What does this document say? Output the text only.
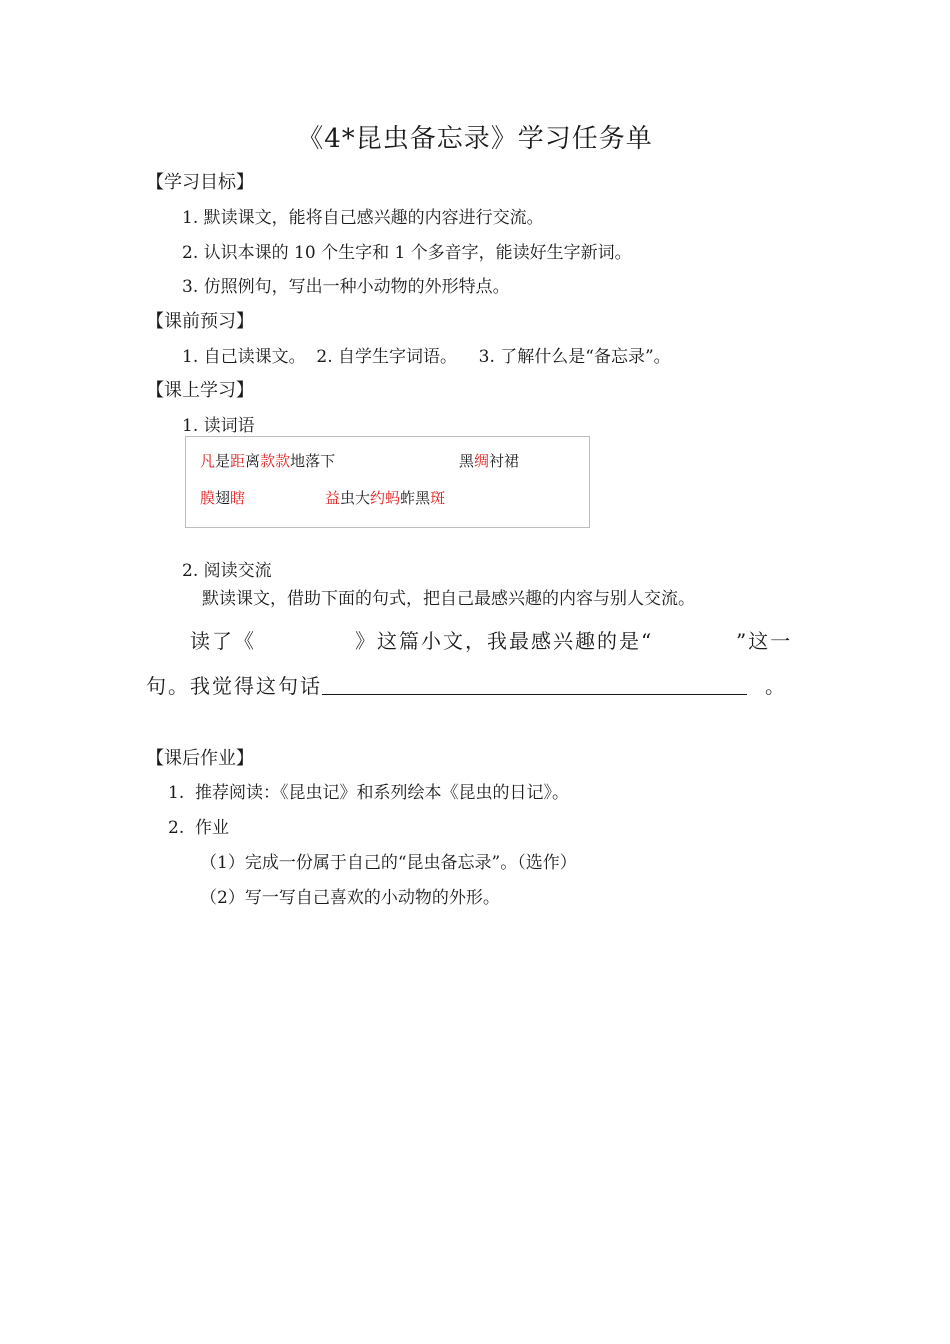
《4*昆虫备忘录》学习任务单
【学习目标】
1. 默读课文，能将自己感兴趣的内容进行交流。
2. 认识本课的 10 个生字和 1 个多音字，能读好生字新词。
3. 仿照例句，写出一种小动物的外形特点。
【课前预习】
1. 自己读课文。  2. 自学生字词语。    3. 了解什么是“备忘录”。
【课上学习】
1. 读词语
凡是距离款款地落下	黑绸衬裙
膜翅瞎	益虫大约蚂蚱黑斑
2. 阅读交流
默读课文，借助下面的句式，把自己最感兴趣的内容与别人交流。
读了《	》这篇小文，我最感兴趣的是“	”这一
句。我觉得这句话	。
【课后作业】
1.  推荐阅读：《昆虫记》和系列绘本《昆虫的日记》。
2.  作业
（1）完成一份属于自己的“昆虫备忘录”。（选作）
（2）写一写自己喜欢的小动物的外形。
